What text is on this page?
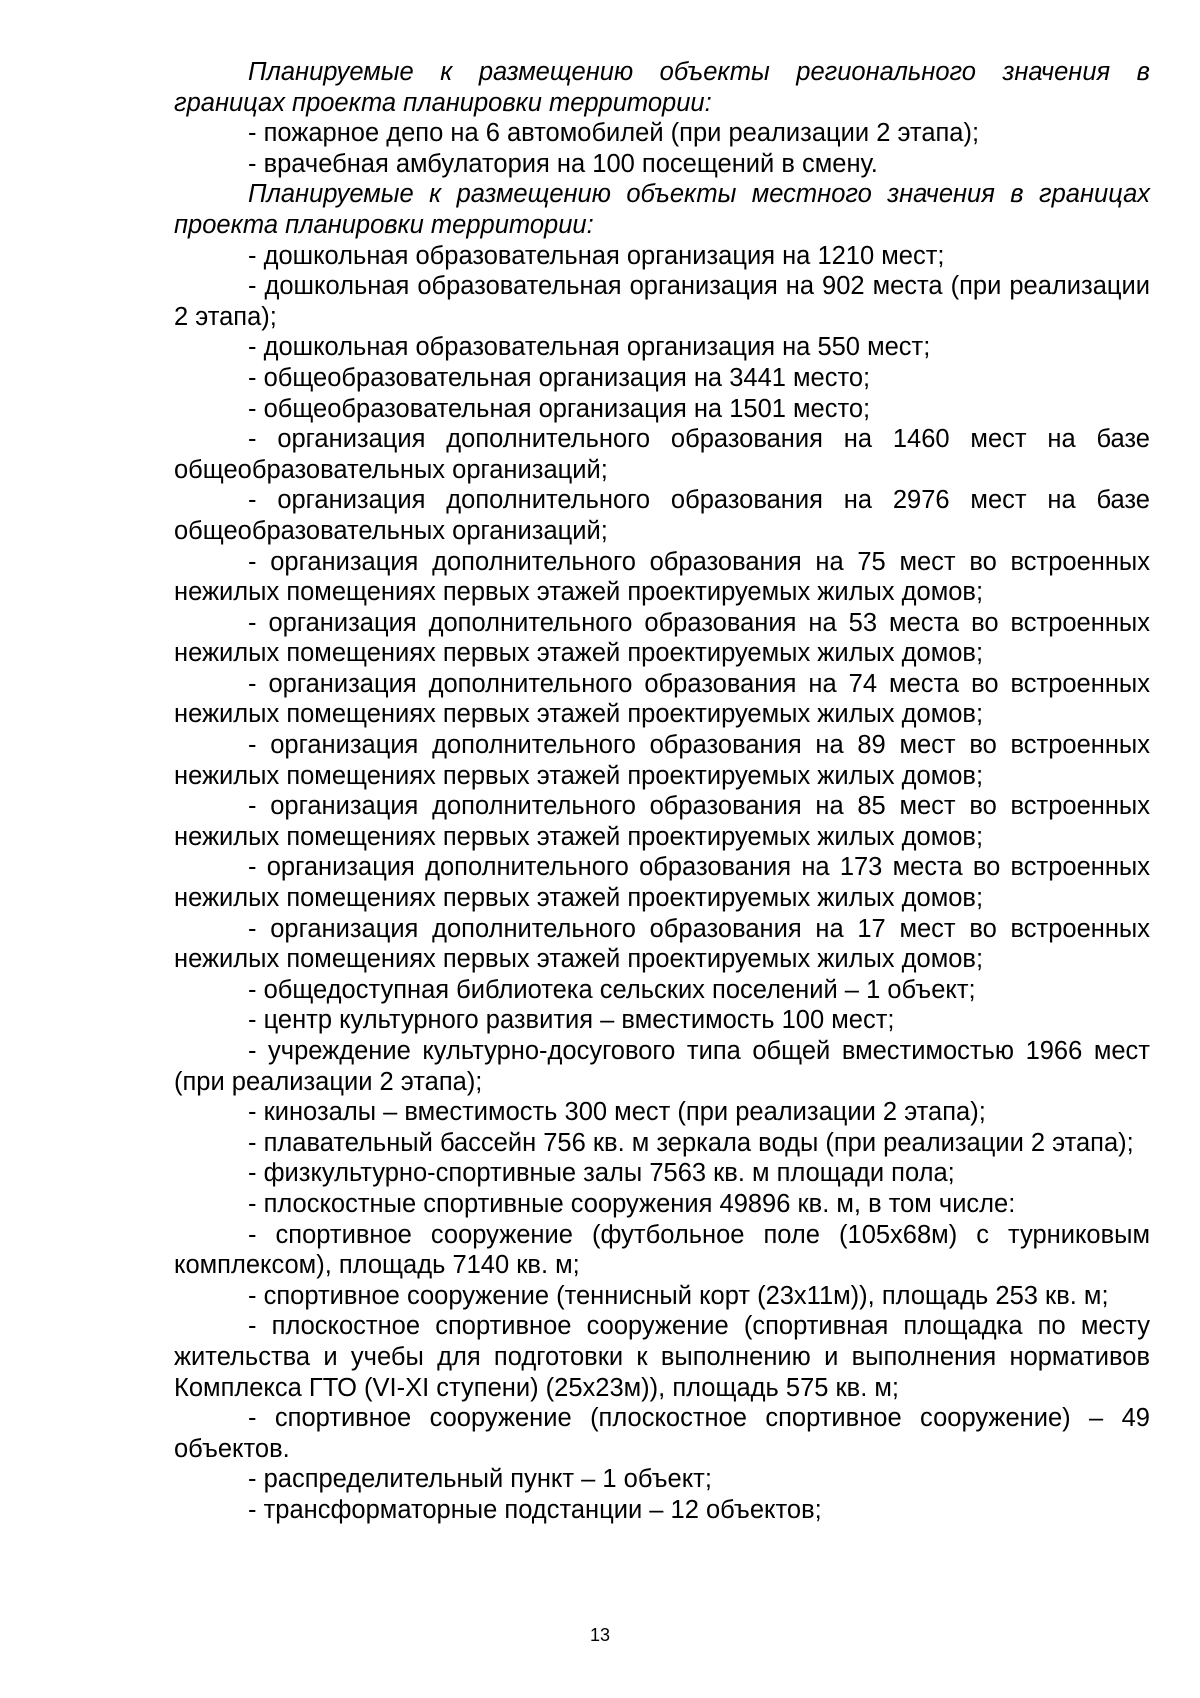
Планируемые к размещению объекты регионального значения в границах проекта планировки территории:

- пожарное депо на 6 автомобилей (при реализации 2 этапа);

- врачебная амбулатория на 100 посещений в смену.

Планируемые к размещению объекты местного значения в границах проекта планировки территории:

- дошкольная образовательная организация на 1210 мест;

- дошкольная образовательная организация на 902 места (при реализации 2 этапа);

- дошкольная образовательная организация на 550 мест;

- общеобразовательная организация на 3441 место;

- общеобразовательная организация на 1501 место;

- организация дополнительного образования на 1460 мест на базе общеобразовательных организаций;

- организация дополнительного образования на 2976 мест на базе общеобразовательных организаций;

- организация дополнительного образования на 75 мест во встроенных нежилых помещениях первых этажей проектируемых жилых домов;

- организация дополнительного образования на 53 места во встроенных нежилых помещениях первых этажей проектируемых жилых домов;

- организация дополнительного образования на 74 места во встроенных нежилых помещениях первых этажей проектируемых жилых домов;

- организация дополнительного образования на 89 мест во встроенных нежилых помещениях первых этажей проектируемых жилых домов;

- организация дополнительного образования на 85 мест во встроенных нежилых помещениях первых этажей проектируемых жилых домов;

- организация дополнительного образования на 173 места во встроенных нежилых помещениях первых этажей проектируемых жилых домов;

- организация дополнительного образования на 17 мест во встроенных нежилых помещениях первых этажей проектируемых жилых домов;

- общедоступная библиотека сельских поселений – 1 объект;

- центр культурного развития – вместимость 100 мест;

- учреждение культурно-досугового типа общей вместимостью 1966 мест (при реализации 2 этапа);

- кинозалы – вместимость 300 мест (при реализации 2 этапа);

- плавательный бассейн 756 кв. м зеркала воды (при реализации 2 этапа);

- физкультурно-спортивные залы 7563 кв. м площади пола;

- плоскостные спортивные сооружения 49896 кв. м, в том числе:

- спортивное сооружение (футбольное поле (105х68м) с турниковым комплексом), площадь 7140 кв. м;

- спортивное сооружение (теннисный корт (23х11м)), площадь 253 кв. м;

- плоскостное спортивное сооружение (спортивная площадка по месту жительства и учебы для подготовки к выполнению и выполнения нормативов Комплекса ГТО (VI-XI ступени) (25х23м)), площадь 575 кв. м;

- спортивное сооружение (плоскостное спортивное сооружение) – 49 объектов.

- распределительный пункт – 1 объект;

- трансформаторные подстанции – 12 объектов;

13
